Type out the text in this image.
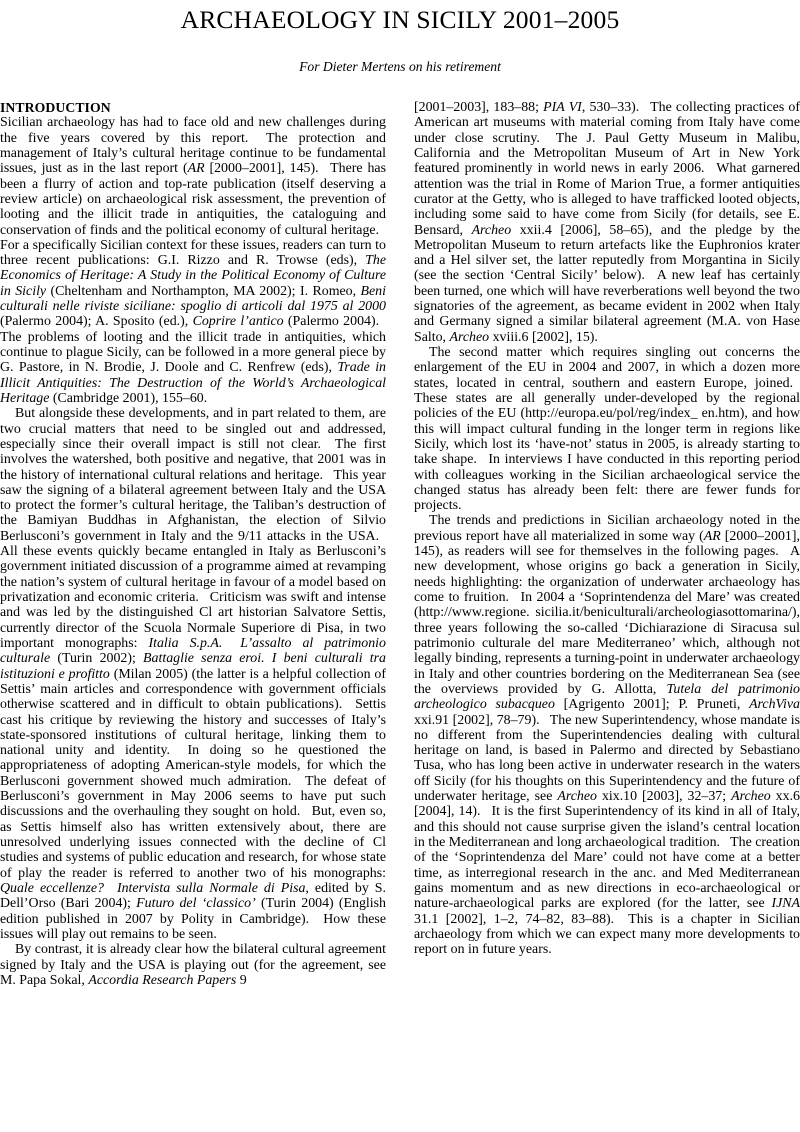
ARCHAEOLOGY IN SICILY 2001–2005
For Dieter Mertens on his retirement
INTRODUCTION

Sicilian archaeology has had to face old and new challenges during the five years covered by this report.  The protection and management of Italy’s cultural heritage continue to be fundamental issues, just as in the last report (AR [2000–2001], 145).  There has been a flurry of action and top-rate publication (itself deserving a review article) on archaeological risk assessment, the prevention of looting and the illicit trade in antiquities, the cataloguing and conservation of finds and the political economy of cultural heritage.  For a specifically Sicilian context for these issues, readers can turn to three recent publications: G.I. Rizzo and R. Trowse (eds), The Economics of Heritage: A Study in the Political Economy of Culture in Sicily (Cheltenham and Northampton, MA 2002); I. Romeo, Beni culturali nelle riviste siciliane: spoglio di articoli dal 1975 al 2000 (Palermo 2004); A. Sposito (ed.), Coprire l’antico (Palermo 2004).  The problems of looting and the illicit trade in antiquities, which continue to plague Sicily, can be followed in a more general piece by G. Pastore, in N. Brodie, J. Doole and C. Renfrew (eds), Trade in Illicit Antiquities: The Destruction of the World’s Archaeological Heritage (Cambridge 2001), 155–60.

But alongside these developments, and in part related to them, are two crucial matters that need to be singled out and addressed, especially since their overall impact is still not clear.  The first involves the watershed, both positive and negative, that 2001 was in the history of international cultural relations and heritage.  This year saw the signing of a bilateral agreement between Italy and the USA to protect the former’s cultural heritage, the Taliban’s destruction of the Bamiyan Buddhas in Afghanistan, the election of Silvio Berlusconi’s government in Italy and the 9/11 attacks in the USA.  All these events quickly became entangled in Italy as Berlusconi’s government initiated discussion of a programme aimed at revamping the nation’s system of cultural heritage in favour of a model based on privatization and economic criteria.  Criticism was swift and intense and was led by the distinguished Cl art historian Salvatore Settis, currently director of the Scuola Normale Superiore di Pisa, in two important monographs: Italia S.p.A.  L’assalto al patrimonio culturale (Turin 2002); Battaglie senza eroi. I beni culturali tra istituzioni e profitto (Milan 2005) (the latter is a helpful collection of Settis’ main articles and correspondence with government officials otherwise scattered and in difficult to obtain publications).  Settis cast his critique by reviewing the history and successes of Italy’s state-sponsored institutions of cultural heritage, linking them to national unity and identity.  In doing so he questioned the appropriateness of adopting American-style models, for which the Berlusconi government showed much admiration.  The defeat of Berlusconi’s government in May 2006 seems to have put such discussions and the overhauling they sought on hold.  But, even so, as Settis himself also has written extensively about, there are unresolved underlying issues connected with the decline of Cl studies and systems of public education and research, for whose state of play the reader is referred to another two of his monographs: Quale eccellenze?  Intervista sulla Normale di Pisa, edited by S. Dell’Orso (Bari 2004); Futuro del ‘classico’ (Turin 2004) (English edition published in 2007 by Polity in Cambridge).  How these issues will play out remains to be seen.

By contrast, it is already clear how the bilateral cultural agreement signed by Italy and the USA is playing out (for the agreement, see M. Papa Sokal, Accordia Research Papers 9

[2001–2003], 183–88; PIA VI, 530–33).  The collecting practices of American art museums with material coming from Italy have come under close scrutiny.  The J. Paul Getty Museum in Malibu, California and the Metropolitan Museum of Art in New York featured prominently in world news in early 2006.  What garnered attention was the trial in Rome of Marion True, a former antiquities curator at the Getty, who is alleged to have trafficked looted objects, including some said to have come from Sicily (for details, see E. Bensard, Archeo xxii.4 [2006], 58–65), and the pledge by the Metropolitan Museum to return artefacts like the Euphronios krater and a Hel silver set, the latter reputedly from Morgantina in Sicily (see the section ‘Central Sicily’ below).  A new leaf has certainly been turned, one which will have reverberations well beyond the two signatories of the agreement, as became evident in 2002 when Italy and Germany signed a similar bilateral agreement (M.A. von Hase Salto, Archeo xviii.6 [2002], 15).

The second matter which requires singling out concerns the enlargement of the EU in 2004 and 2007, in which a dozen more states, located in central, southern and eastern Europe, joined.  These states are all generally under-developed by the regional policies of the EU (http://europa.eu/pol/reg/index_ en.htm), and how this will impact cultural funding in the longer term in regions like Sicily, which lost its ‘have-not’ status in 2005, is already starting to take shape.  In interviews I have conducted in this reporting period with colleagues working in the Sicilian archaeological service the changed status has already been felt: there are fewer funds for projects.

The trends and predictions in Sicilian archaeology noted in the previous report have all materialized in some way (AR [2000–2001], 145), as readers will see for themselves in the following pages.  A new development, whose origins go back a generation in Sicily, needs highlighting: the organization of underwater archaeology has come to fruition.  In 2004 a ‘Soprintendenza del Mare’ was created (http://www.regione. sicilia.it/beniculturali/archeologiasottomarina/), three years following the so-called ‘Dichiarazione di Siracusa sul patrimonio culturale del mare Mediterraneo’ which, although not legally binding, represents a turning-point in underwater archaeology in Italy and other countries bordering on the Mediterranean Sea (see the overviews provided by G. Allotta, Tutela del patrimonio archeologico subacqueo [Agrigento 2001]; P. Pruneti, ArchViva xxi.91 [2002], 78–79).  The new Superintendency, whose mandate is no different from the Superintendencies dealing with cultural heritage on land, is based in Palermo and directed by Sebastiano Tusa, who has long been active in underwater research in the waters off Sicily (for his thoughts on this Superintendency and the future of underwater heritage, see Archeo xix.10 [2003], 32–37; Archeo xx.6 [2004], 14).  It is the first Superintendency of its kind in all of Italy, and this should not cause surprise given the island’s central location in the Mediterranean and long archaeological tradition.  The creation of the ‘Soprintendenza del Mare’ could not have come at a better time, as interregional research in the anc. and Med Mediterranean gains momentum and as new directions in eco-archaeological or nature-archaeological parks are explored (for the latter, see IJNA 31.1 [2002], 1–2, 74–82, 83–88).  This is a chapter in Sicilian archaeology from which we can expect many more developments to report on in future years.
